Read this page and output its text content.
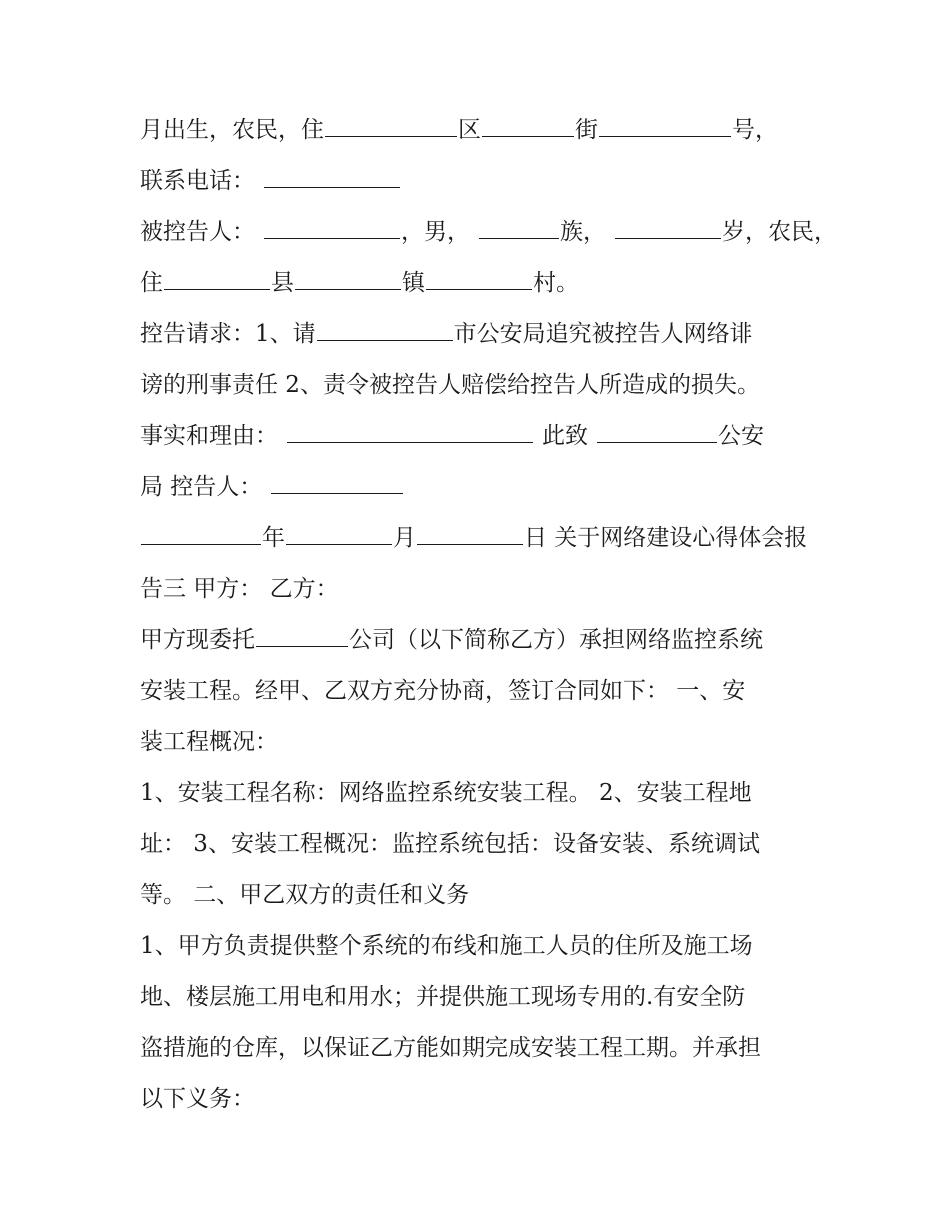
月出生，农民，住	区	街	号，
联系电话：
被控告人：	，男，	族，	岁，农民，
住	县	镇	村。
控告请求：1、请	市公安局追究被控告人网络诽
谤的刑事责任 2、责令被控告人赔偿给控告人所造成的损失。
事实和理由：	此致	公安
局 控告人：
年	月	日 关于网络建设心得体会报
告三 甲方： 乙方：
甲方现委托	公司（以下简称乙方）承担网络监控系统
安装工程。经甲、乙双方充分协商，签订合同如下： 一、安
装工程概况：
1、安装工程名称：网络监控系统安装工程。 2、安装工程地
址： 3、安装工程概况：监控系统包括：设备安装、系统调试
等。 二、甲乙双方的责任和义务
1、甲方负责提供整个系统的布线和施工人员的住所及施工场
地、楼层施工用电和用水；并提供施工现场专用的.有安全防
盗措施的仓库，以保证乙方能如期完成安装工程工期。并承担
以下义务：
